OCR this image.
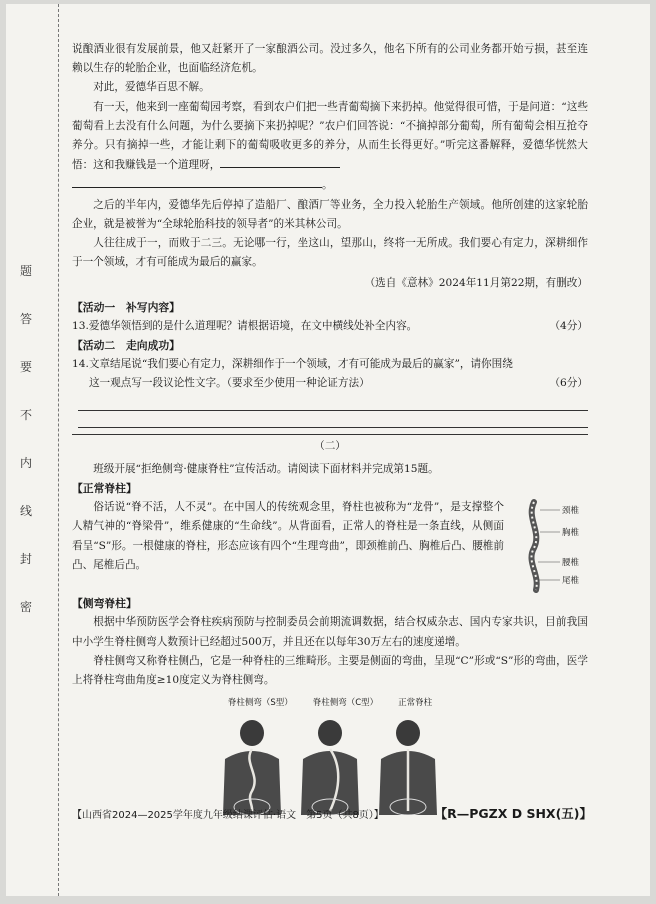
题
答
要
不
内
线
封
密

说酿酒业很有发展前景，他又赶紧开了一家酿酒公司。没过多久，他名下所有的公司业务都开始亏损，甚至连赖以生存的轮胎企业，也面临经济危机。

对此，爱德华百思不解。

有一天，他来到一座葡萄园考察，看到农户们把一些青葡萄摘下来扔掉。他觉得很可惜，于是问道：“这些葡萄看上去没有什么问题，为什么要摘下来扔掉呢？”农户们回答说：“不摘掉部分葡萄，所有葡萄会相互抢夺养分。只有摘掉一些，才能让剩下的葡萄吸收更多的养分，从而生长得更好。”听完这番解释，爱德华恍然大悟：这和我赚钱是一个道理呀，
。

之后的半年内，爱德华先后停掉了造船厂、酿酒厂等业务，全力投入轮胎生产领域。他所创建的这家轮胎企业，就是被誉为“全球轮胎科技的领导者”的米其林公司。

人往往成于一，而败于二三。无论哪一行，坐这山，望那山，终将一无所成。我们要心有定力，深耕细作于一个领域，才有可能成为最后的赢家。

（选自《意林》2024年11月第22期，有删改）

【活动一　补写内容】

13.爱德华领悟到的是什么道理呢？请根据语境，在文中横线处补全内容。	（4分）

【活动二　走向成功】

14.文章结尾说“我们要心有定力，深耕细作于一个领域，才有可能成为最后的赢家”，请你围绕

这一观点写一段议论性文字。（要求至少使用一种论证方法）	（6分）

（二）

班级开展“拒绝侧弯·健康脊柱”宣传活动。请阅读下面材料并完成第15题。

【正常脊柱】

俗话说“脊不活，人不灵”。在中国人的传统观念里，脊柱也被称为“龙骨”，是支撑整个人精气神的“脊梁骨”，维系健康的“生命线”。从背面看，正常人的脊柱是一条直线，从侧面看呈“S”形。一根健康的脊柱，形态应该有四个“生理弯曲”，即颈椎前凸、胸椎后凸、腰椎前凸、尾椎后凸。

颈椎
胸椎
腰椎
尾椎

【侧弯脊柱】

根据中华预防医学会脊柱疾病预防与控制委员会前期流调数据，结合权威杂志、国内专家共识，目前我国中小学生脊柱侧弯人数预计已经超过500万，并且还在以每年30万左右的速度递增。

脊柱侧弯又称脊柱侧凸，它是一种脊柱的三维畸形。主要是侧面的弯曲，呈现“C”形或“S”形的弯曲，医学上将脊柱弯曲角度≥10度定义为脊柱侧弯。

脊柱侧弯（S型） 脊柱侧弯（C型） 正常脊柱
【山西省2024—2025学年度九年级结课评估·语文　第5页（共8页）】	【R—PGZX D SHX(五)】
